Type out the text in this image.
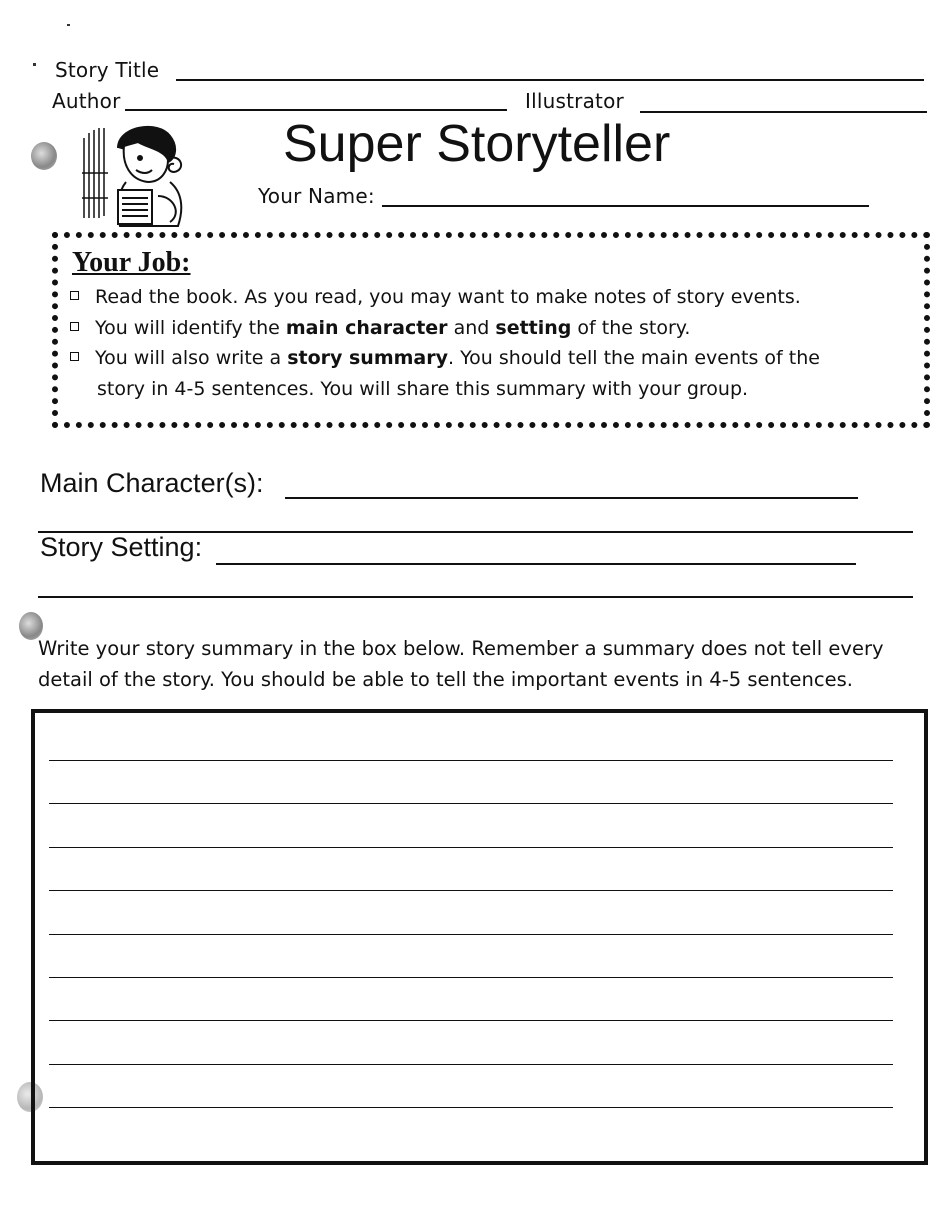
Story Title
Author	Illustrator
Super Storyteller
Your Name:
Your Job:
Read the book. As you read, you may want to make notes of story events.
You will identify the main character and setting of the story.
You will also write a story summary. You should tell the main events of the
story in 4-5 sentences. You will share this summary with your group.
Main Character(s):
Story Setting:
Write your story summary in the box below. Remember a summary does not tell every
detail of the story. You should be able to tell the important events in 4-5 sentences.
